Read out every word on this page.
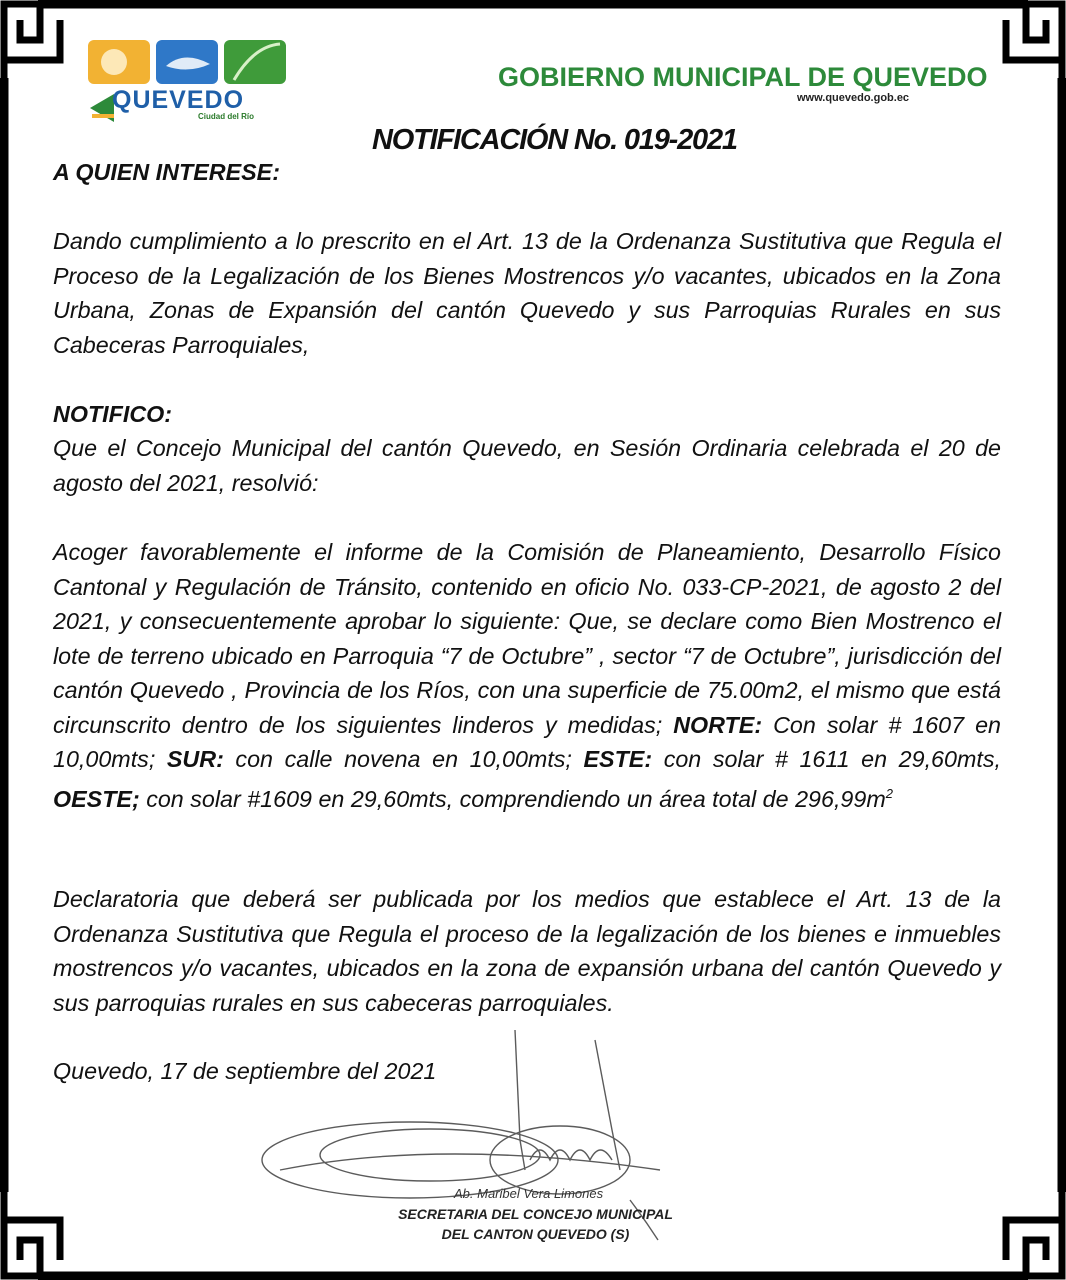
QUEVEDO
Ciudad del Río
GOBIERNO MUNICIPAL DE QUEVEDO
www.quevedo.gob.ec
NOTIFICACIÓN No. 019-2021
A QUIEN INTERESE:
Dando cumplimiento a lo prescrito en el Art. 13 de la Ordenanza Sustitutiva que Regula el Proceso de la Legalización de los Bienes Mostrencos y/o vacantes, ubicados en la Zona Urbana, Zonas de Expansión del cantón Quevedo y sus Parroquias Rurales en sus Cabeceras Parroquiales,
NOTIFICO:
Que el Concejo Municipal del cantón Quevedo, en Sesión Ordinaria celebrada el 20 de agosto del 2021, resolvió:
Acoger favorablemente el informe de la Comisión de Planeamiento, Desarrollo Físico Cantonal y Regulación de Tránsito, contenido en oficio No. 033-CP-2021, de agosto 2 del 2021, y consecuentemente aprobar lo siguiente: Que, se declare como Bien Mostrenco el lote de terreno ubicado en Parroquia “7 de Octubre” , sector “7 de Octubre”, jurisdicción del cantón Quevedo , Provincia de los Ríos, con una superficie de 75.00m2, el mismo que está circunscrito dentro de los siguientes linderos y medidas; NORTE: Con solar # 1607 en 10,00mts; SUR: con calle novena en 10,00mts; ESTE: con solar # 1611 en 29,60mts, OESTE; con solar #1609 en 29,60mts, comprendiendo un área total de $296,99m^2$
Declaratoria que deberá ser publicada por los medios que establece el Art. 13 de la Ordenanza Sustitutiva que Regula el proceso de la legalización de los bienes e inmuebles mostrencos y/o vacantes, ubicados en la zona de expansión urbana del cantón Quevedo y sus parroquias rurales en sus cabeceras parroquiales.
Quevedo, 17 de septiembre del 2021
Ab. Maribel Vera Limones
SECRETARIA DEL CONCEJO MUNICIPAL
DEL CANTON QUEVEDO (S)
